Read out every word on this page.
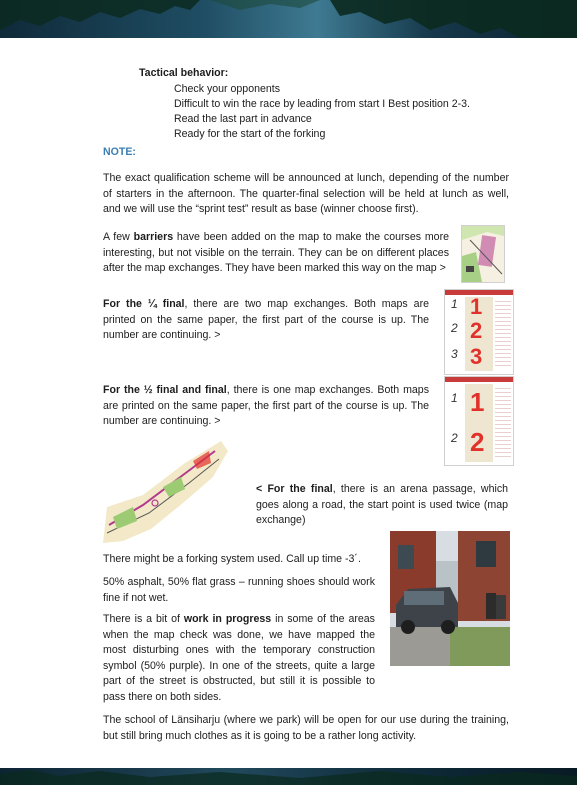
Tactical behavior:
Check your opponents
Difficult to win the race by leading from start I Best position 2-3.
Read the last part in advance
Ready for the start of the forking
NOTE:
The exact qualification scheme will be announced at lunch, depending of the number of starters in the afternoon. The quarter-final selection will be held at lunch as well, and we will use the “sprint test” result as base (winner choose first).
A few barriers have been added on the map to make the courses more interesting, but not visible on the terrain. They can be on different places after the map exchanges. They have been marked this way on the map >
For the ¼ final, there are two map exchanges. Both maps are printed on the same paper, the first part of the course is up. The number are continuing. >
1 1
2 2
3 3
For the ½ final and final, there is one map exchanges. Both maps are printed on the same paper, the first part of the course is up. The number are continuing. >
1 1
2 2
< For the final, there is an arena passage, which goes along a road, the start point is used twice (map exchange)
There might be a forking system used. Call up time -3´.
50% asphalt, 50% flat grass – running shoes should work fine if not wet.
There is a bit of work in progress in some of the areas when the map check was done, we have mapped the most disturbing ones with the temporary construction symbol (50% purple). In one of the streets, quite a large part of the street is obstructed, but still it is possible to pass there on both sides.
The school of Länsiharju (where we park) will be open for our use during the training, but still bring much clothes as it is going to be a rather long activity.
